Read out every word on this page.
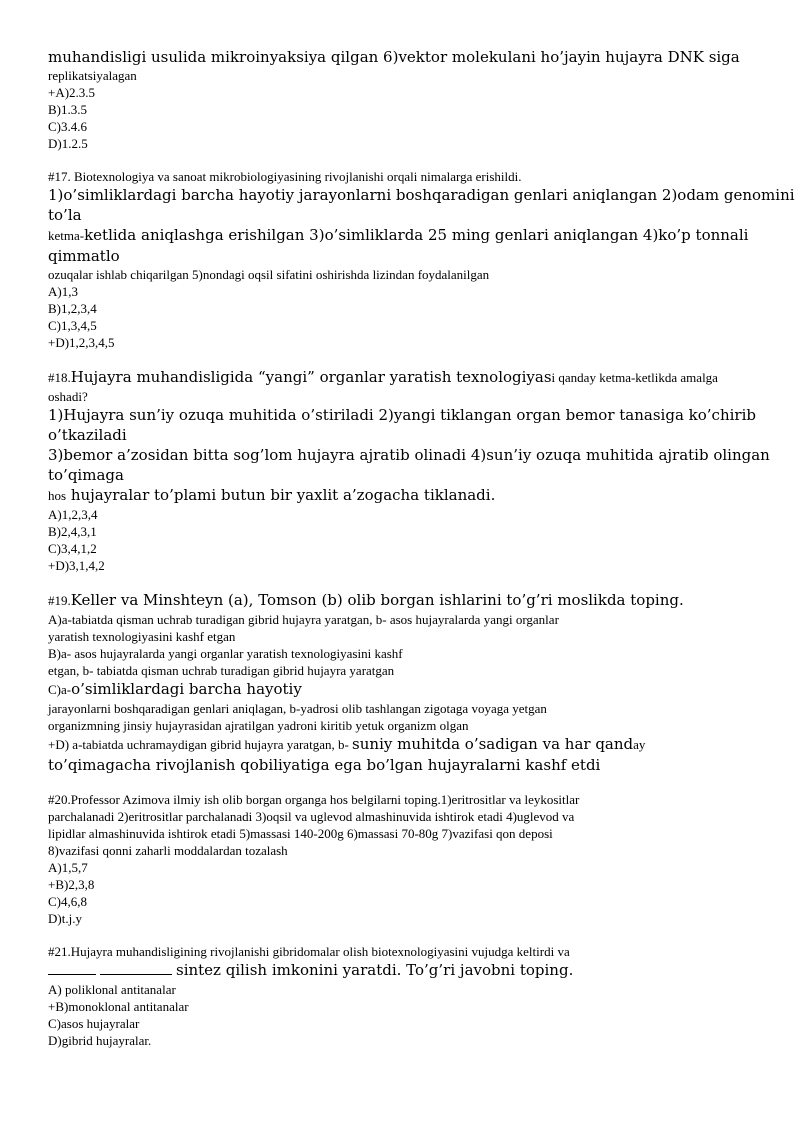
muhandisligi usulida mikroinyaksiya qilgan 6)vektor molekulani ho’jayin hujayra DNK siga

replikatsiyalagan

+A)2.3.5

B)1.3.5

C)3.4.6

D)1.2.5

#17. Biotexnologiya va sanoat mikrobiologiyasining rivojlanishi orqali nimalarga erishildi.

1)o’simliklardagi barcha hayotiy jarayonlarni boshqaradigan genlari aniqlangan 2)odam genomini

to’la

ketma-ketlida aniqlashga erishilgan 3)o’simliklarda 25 ming genlari aniqlangan 4)ko’p tonnali

qimmatlo

ozuqalar ishlab chiqarilgan 5)nondagi oqsil sifatini oshirishda lizindan foydalanilgan

A)1,3

B)1,2,3,4

C)1,3,4,5

+D)1,2,3,4,5

#18.Hujayra muhandisligida “yangi” organlar yaratish texnologiyasi qanday ketma-ketlikda amalga

oshadi?

1)Hujayra sun’iy ozuqa muhitida o’stiriladi 2)yangi tiklangan organ bemor tanasiga ko’chirib

o’tkaziladi

3)bemor a’zosidan bitta sog’lom hujayra ajratib olinadi 4)sun’iy ozuqa muhitida ajratib olingan

to’qimaga

hos hujayralar to’plami butun bir yaxlit a’zogacha tiklanadi.

A)1,2,3,4

B)2,4,3,1

C)3,4,1,2

+D)3,1,4,2

#19.Keller va Minshteyn (a), Tomson (b) olib borgan ishlarini to’g’ri moslikda toping.

A)a-tabiatda qisman uchrab turadigan gibrid hujayra yaratgan, b- asos hujayralarda yangi organlar

yaratish texnologiyasini kashf etgan

B)a- asos hujayralarda yangi organlar yaratish texnologiyasini kashf

etgan, b- tabiatda qisman uchrab turadigan gibrid hujayra yaratgan

C)a-o’simliklardagi barcha hayotiy

jarayonlarni boshqaradigan genlari aniqlagan, b-yadrosi olib tashlangan zigotaga voyaga yetgan

organizmning jinsiy hujayrasidan ajratilgan yadroni kiritib yetuk organizm olgan

+D) a-tabiatda uchramaydigan gibrid hujayra yaratgan, b- suniy muhitda o’sadigan va har qanday

to’qimagacha rivojlanish qobiliyatiga ega bo’lgan hujayralarni kashf etdi

#20.Professor Azimova ilmiy ish olib borgan organga hos belgilarni toping.1)eritrositlar va leykositlar

parchalanadi 2)eritrositlar parchalanadi 3)oqsil va uglevod almashinuvida ishtirok etadi 4)uglevod va

lipidlar almashinuvida ishtirok etadi 5)massasi 140-200g 6)massasi 70-80g 7)vazifasi qon deposi

8)vazifasi qonni zaharli moddalardan tozalash

A)1,5,7

+B)2,3,8

C)4,6,8

D)t.j.y

#21.Hujayra muhandisligining rivojlanishi gibridomalar olish biotexnologiyasini vujudga keltirdi va

sintez qilish imkonini yaratdi. To’g’ri javobni toping.

A) poliklonal antitanalar

+B)monoklonal antitanalar

C)asos hujayralar

D)gibrid hujayralar.
